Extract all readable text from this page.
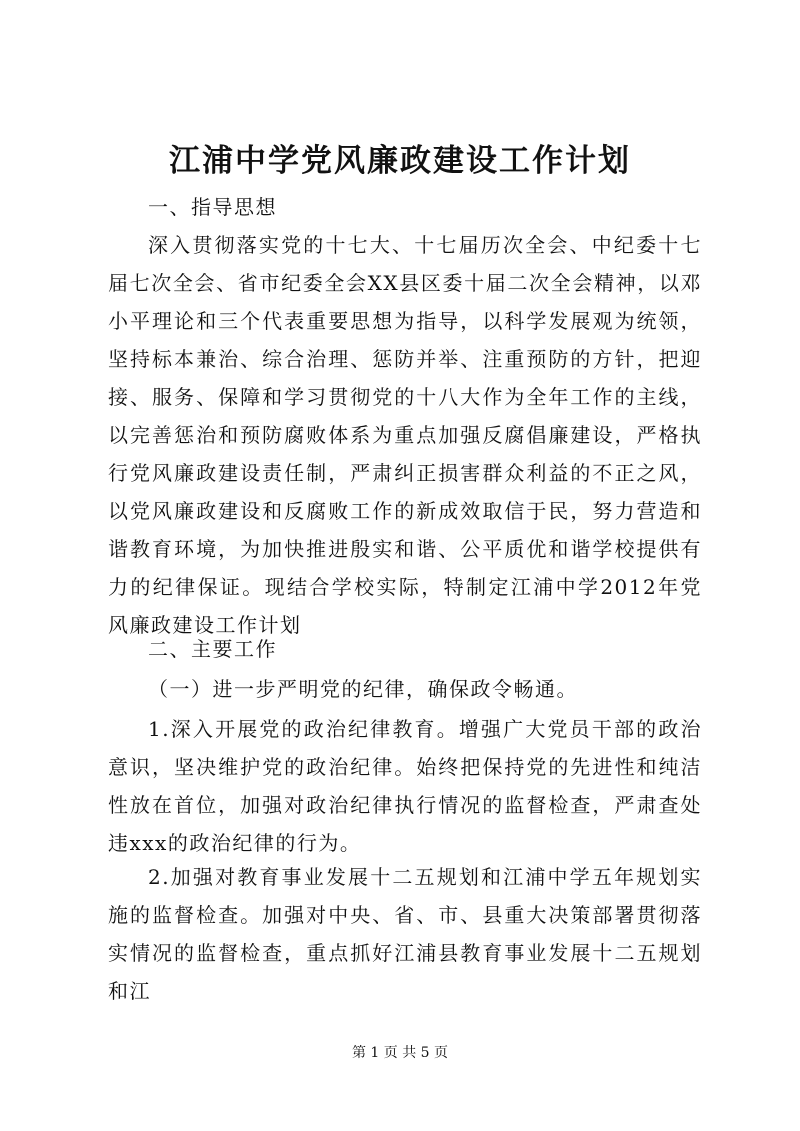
江浦中学党风廉政建设工作计划

一、指导思想

深入贯彻落实党的十七大、十七届历次全会、中纪委十七届七次全会、省市纪委全会XX县区委十届二次全会精神，以邓小平理论和三个代表重要思想为指导，以科学发展观为统领，坚持标本兼治、综合治理、惩防并举、注重预防的方针，把迎接、服务、保障和学习贯彻党的十八大作为全年工作的主线，以完善惩治和预防腐败体系为重点加强反腐倡廉建设，严格执行党风廉政建设责任制，严肃纠正损害群众利益的不正之风，以党风廉政建设和反腐败工作的新成效取信于民，努力营造和谐教育环境，为加快推进殷实和谐、公平质优和谐学校提供有力的纪律保证。现结合学校实际，特制定江浦中学2012年党风廉政建设工作计划

二、主要工作

（一）进一步严明党的纪律，确保政令畅通。

1.深入开展党的政治纪律教育。增强广大党员干部的政治意识，坚决维护党的政治纪律。始终把保持党的先进性和纯洁性放在首位，加强对政治纪律执行情况的监督检查，严肃查处违xxx的政治纪律的行为。

2.加强对教育事业发展十二五规划和江浦中学五年规划实施的监督检查。加强对中央、省、市、县重大决策部署贯彻落实情况的监督检查，重点抓好江浦县教育事业发展十二五规划和江

第 1 页 共 5 页
